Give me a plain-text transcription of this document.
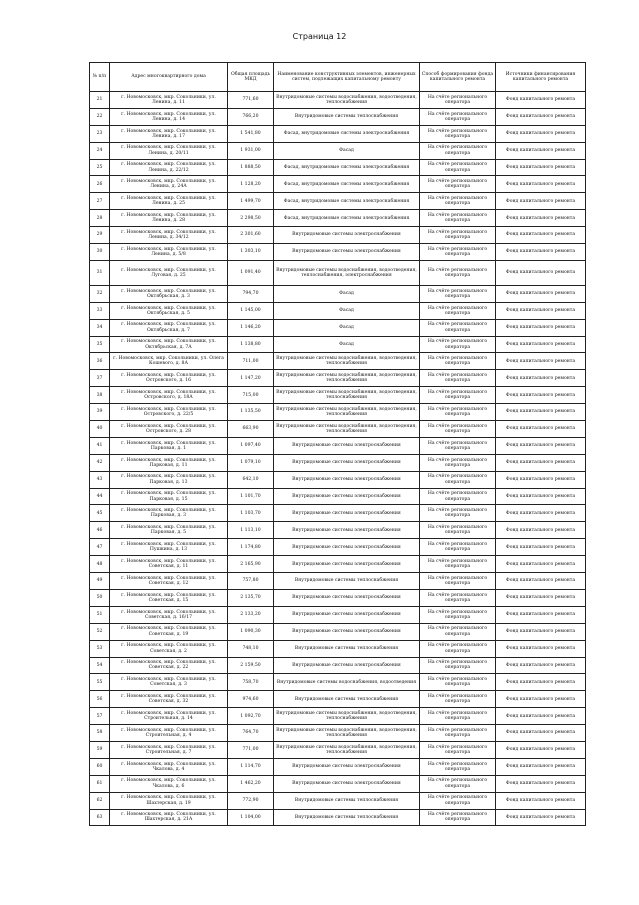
Страница 12
№ п/п	Адрес многоквартирного дома	Общая площадь МКД	Наименование конструктивных элементов, инженерных систем, подлежащих капитальному ремонту	Способ формирования фонда капитального ремонта	Источники финансирования капитального ремонта
21	г. Новомосковск, мкр. Сокольники, ул. Ленина, д. 11	771,60	Внутридомовые системы водоснабжения, водоотведения, теплоснабжения	На счёте регионального оператора	Фонд капитального ремонта
22	г. Новомосковск, мкр. Сокольники, ул. Ленина, д. 14	766,20	Внутридомовые системы теплоснабжения	На счёте регионального оператора	Фонд капитального ремонта
23	г. Новомосковск, мкр. Сокольники, ул. Ленина, д. 17	1 541,80	Фасад, внутридомовые системы электроснабжения	На счёте регионального оператора	Фонд капитального ремонта
24	г. Новомосковск, мкр. Сокольники, ул. Ленина, д. 20/11	1 931,00	Фасад	На счёте регионального оператора	Фонд капитального ремонта
25	г. Новомосковск, мкр. Сокольники, ул. Ленина, д. 22/12	1 888,50	Фасад, внутридомовые системы электроснабжения	На счёте регионального оператора	Фонд капитального ремонта
26	г. Новомосковск, мкр. Сокольники, ул. Ленина, д. 24А	1 128,20	Фасад, внутридомовые системы электроснабжения	На счёте регионального оператора	Фонд капитального ремонта
27	г. Новомосковск, мкр. Сокольники, ул. Ленина, д. 25	1 499,70	Фасад, внутридомовые системы электроснабжения	На счёте регионального оператора	Фонд капитального ремонта
28	г. Новомосковск, мкр. Сокольники, ул. Ленина, д. 28	2 298,50	Фасад, внутридомовые системы электроснабжения	На счёте регионального оператора	Фонд капитального ремонта
29	г. Новомосковск, мкр. Сокольники, ул. Ленина, д. 34/12	2 301,60	Внутридомовые системы электроснабжения	На счёте регионального оператора	Фонд капитального ремонта
30	г. Новомосковск, мкр. Сокольники, ул. Ленина, д. 5/8	1 303,10	Внутридомовые системы электроснабжения	На счёте регионального оператора	Фонд капитального ремонта
31	г. Новомосковск, мкр. Сокольники, ул. Луговая, д. 25	1 091,40	Внутридомовые системы водоснабжения, водоотведения, теплоснабжения, электроснабжения	На счёте регионального оператора	Фонд капитального ремонта
32	г. Новомосковск, мкр. Сокольники, ул. Октябрьская, д. 3	794,70	Фасад	На счёте регионального оператора	Фонд капитального ремонта
33	г. Новомосковск, мкр. Сокольники, ул. Октябрьская, д. 5	1 145,00	Фасад	На счёте регионального оператора	Фонд капитального ремонта
34	г. Новомосковск, мкр. Сокольники, ул. Октябрьская, д. 7	1 146,20	Фасад	На счёте регионального оператора	Фонд капитального ремонта
35	г. Новомосковск, мкр. Сокольники, ул. Октябрьская, д. 7А	1 138,80	Фасад	На счёте регионального оператора	Фонд капитального ремонта
36	г. Новомосковск, мкр. Сокольники, ул. Олега Кошевого, д. 8А	711,00	Внутридомовые системы водоснабжения, водоотведения, теплоснабжения	На счёте регионального оператора	Фонд капитального ремонта
37	г. Новомосковск, мкр. Сокольники, ул. Островского, д. 16	1 147,20	Внутридомовые системы водоснабжения, водоотведения, теплоснабжения	На счёте регионального оператора	Фонд капитального ремонта
38	г. Новомосковск, мкр. Сокольники, ул. Островского, д. 18А	715,00	Внутридомовые системы водоснабжения, водоотведения, теплоснабжения	На счёте регионального оператора	Фонд капитального ремонта
39	г. Новомосковск, мкр. Сокольники, ул. Островского, д. 22/5	1 135,50	Внутридомовые системы водоснабжения, водоотведения, теплоснабжения	На счёте регионального оператора	Фонд капитального ремонта
40	г. Новомосковск, мкр. Сокольники, ул. Островского, д. 28	663,90	Внутридомовые системы водоснабжения, водоотведения, теплоснабжения	На счёте регионального оператора	Фонд капитального ремонта
41	г. Новомосковск, мкр. Сокольники, ул. Парковая, д. 1	1 097,40	Внутридомовые системы электроснабжения	На счёте регионального оператора	Фонд капитального ремонта
42	г. Новомосковск, мкр. Сокольники, ул. Парковая, д. 11	1 079,10	Внутридомовые системы электроснабжения	На счёте регионального оператора	Фонд капитального ремонта
43	г. Новомосковск, мкр. Сокольники, ул. Парковая, д. 13	642,10	Внутридомовые системы электроснабжения	На счёте регионального оператора	Фонд капитального ремонта
44	г. Новомосковск, мкр. Сокольники, ул. Парковая, д. 15	1 101,70	Внутридомовые системы электроснабжения	На счёте регионального оператора	Фонд капитального ремонта
45	г. Новомосковск, мкр. Сокольники, ул. Парковая, д. 3	1 103,70	Внутридомовые системы электроснабжения	На счёте регионального оператора	Фонд капитального ремонта
46	г. Новомосковск, мкр. Сокольники, ул. Парковая, д. 5	1 113,10	Внутридомовые системы электроснабжения	На счёте регионального оператора	Фонд капитального ремонта
47	г. Новомосковск, мкр. Сокольники, ул. Пушкина, д. 13	1 174,80	Внутридомовые системы электроснабжения	На счёте регионального оператора	Фонд капитального ремонта
48	г. Новомосковск, мкр. Сокольники, ул. Советская, д. 11	2 165,90	Внутридомовые системы электроснабжения	На счёте регионального оператора	Фонд капитального ремонта
49	г. Новомосковск, мкр. Сокольники, ул. Советская, д. 12	757,80	Внутридомовые системы теплоснабжения	На счёте регионального оператора	Фонд капитального ремонта
50	г. Новомосковск, мкр. Сокольники, ул. Советская, д. 15	2 135,70	Внутридомовые системы электроснабжения	На счёте регионального оператора	Фонд капитального ремонта
51	г. Новомосковск, мкр. Сокольники, ул. Советская, д. 16/17	2 133,20	Внутридомовые системы электроснабжения	На счёте регионального оператора	Фонд капитального ремонта
52	г. Новомосковск, мкр. Сокольники, ул. Советская, д. 19	1 090,30	Внутридомовые системы электроснабжения	На счёте регионального оператора	Фонд капитального ремонта
53	г. Новомосковск, мкр. Сокольники, ул. Советская, д. 2	748,10	Внутридомовые системы теплоснабжения	На счёте регионального оператора	Фонд капитального ремонта
54	г. Новомосковск, мкр. Сокольники, ул. Советская, д. 22	2 159,50	Внутридомовые системы электроснабжения	На счёте регионального оператора	Фонд капитального ремонта
55	г. Новомосковск, мкр. Сокольники, ул. Советская, д. 3	758,70	Внутридомовые системы водоснабжения, водоотведения	На счёте регионального оператора	Фонд капитального ремонта
56	г. Новомосковск, мкр. Сокольники, ул. Советская, д. 32	974,60	Внутридомовые системы теплоснабжения	На счёте регионального оператора	Фонд капитального ремонта
57	г. Новомосковск, мкр. Сокольники, ул. Строительная, д. 14	1 092,70	Внутридомовые системы водоснабжения, водоотведения, теплоснабжения	На счёте регионального оператора	Фонд капитального ремонта
58	г. Новомосковск, мкр. Сокольники, ул. Строительная, д. 4	764,70	Внутридомовые системы водоснабжения, водоотведения, теплоснабжения	На счёте регионального оператора	Фонд капитального ремонта
59	г. Новомосковск, мкр. Сокольники, ул. Строительная, д. 7	771,00	Внутридомовые системы водоснабжения, водоотведения, теплоснабжения	На счёте регионального оператора	Фонд капитального ремонта
60	г. Новомосковск, мкр. Сокольники, ул. Чкалова, д. 4	1 114,70	Внутридомовые системы электроснабжения	На счёте регионального оператора	Фонд капитального ремонта
61	г. Новомосковск, мкр. Сокольники, ул. Чкалова, д. 6	1 462,20	Внутридомовые системы электроснабжения	На счёте регионального оператора	Фонд капитального ремонта
62	г. Новомосковск, мкр. Сокольники, ул. Шахтерская, д. 19	772,90	Внутридомовые системы теплоснабжения	На счёте регионального оператора	Фонд капитального ремонта
63	г. Новомосковск, мкр. Сокольники, ул. Шахтерская, д. 21А	1 104,00	Внутридомовые системы теплоснабжения	На счёте регионального оператора	Фонд капитального ремонта
